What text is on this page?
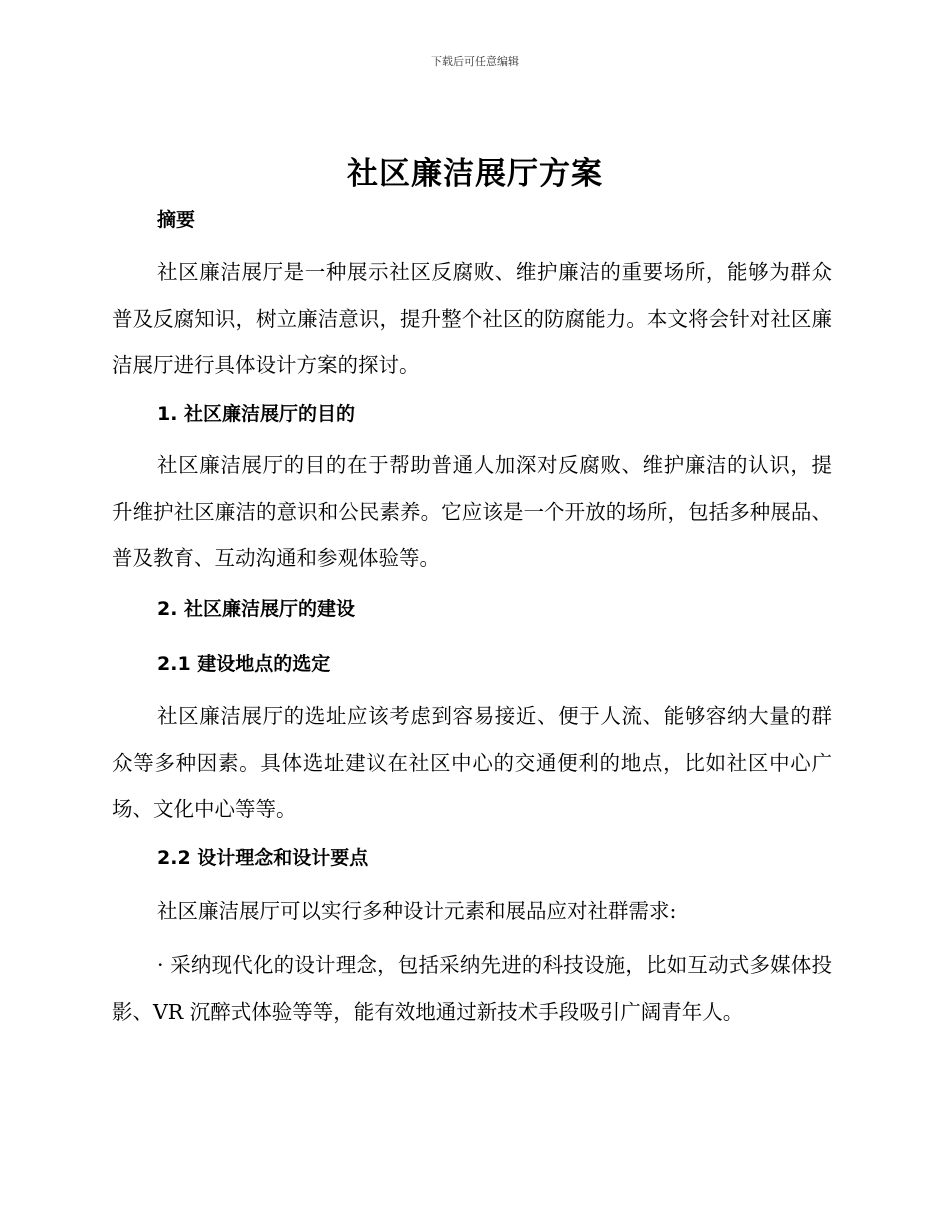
下载后可任意编辑
社区廉洁展厅方案
摘要
社区廉洁展厅是一种展示社区反腐败、维护廉洁的重要场所，能够为群众普及反腐知识，树立廉洁意识，提升整个社区的防腐能力。本文将会针对社区廉洁展厅进行具体设计方案的探讨。
1. 社区廉洁展厅的目的
社区廉洁展厅的目的在于帮助普通人加深对反腐败、维护廉洁的认识，提升维护社区廉洁的意识和公民素养。它应该是一个开放的场所，包括多种展品、普及教育、互动沟通和参观体验等。
2. 社区廉洁展厅的建设
2.1 建设地点的选定
社区廉洁展厅的选址应该考虑到容易接近、便于人流、能够容纳大量的群众等多种因素。具体选址建议在社区中心的交通便利的地点，比如社区中心广场、文化中心等等。
2.2 设计理念和设计要点
社区廉洁展厅可以实行多种设计元素和展品应对社群需求:
· 采纳现代化的设计理念，包括采纳先进的科技设施，比如互动式多媒体投影、VR 沉醉式体验等等，能有效地通过新技术手段吸引广阔青年人。
